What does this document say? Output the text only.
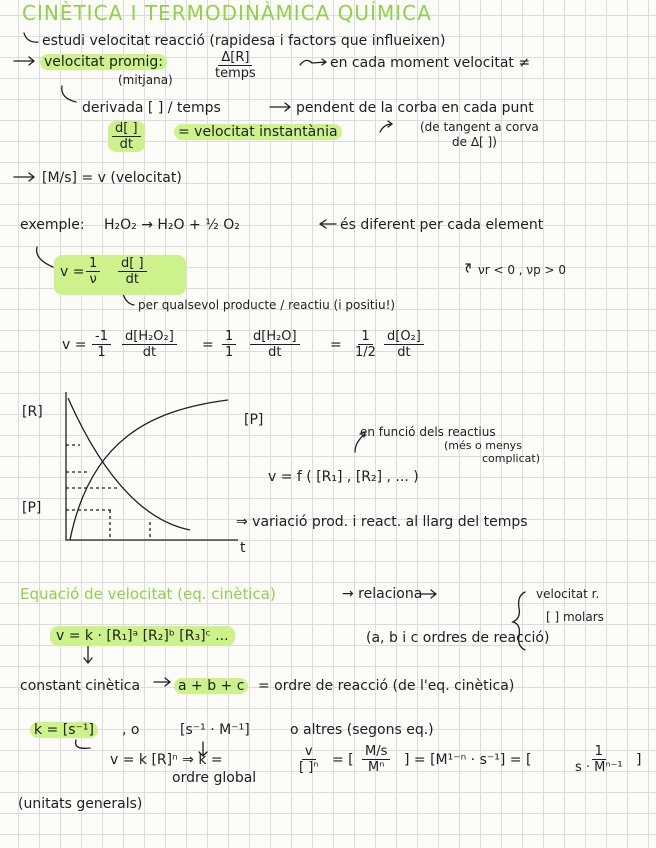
CINÈTICA I TERMODINÀMICA QUÍMICA
estudi velocitat reacció (rapidesa i factors que influeixen)
velocitat promig:
(mitjana)
Δ[R]
temps
en cada moment velocitat ≠
derivada [ ] / temps	pendent de la corba en cada punt
$\frac{d[ ]}{dt}$ = velocitat instantània	(de tangent a corva
de Δ[ ])
[M/s] = v (velocitat)
exemple: H₂O₂ → H₂O + ½ O₂	és diferent per cada element
$v = \frac{1}{\nu} \frac{d[ ]}{dt}$	νr < 0 , νp > 0
per qualsevol producte / reactiu (i positiu!)
$v = \frac{-1}{1} \frac{\text{d[H₂O₂]}}{dt} = \frac{1}{1} \frac{\text{d[H₂O]}}{dt} = \frac{1}{1/2} \frac{\text{d[O₂]}}{dt}$
[R]
[P]
t
[P]
en funció dels reactius
(més o menys
complicat)
v = f ( [R₁] , [R₂] , ... )
⇒ variació prod. i react. al llarg del temps
Equació de velocitat (eq. cinètica)	→ relaciona	velocitat r.
[ ] molars
v = k · [R₁]ᵃ [R₂]ᵇ [R₃]ᶜ ...	(a, b i c ordres de reacció)
constant cinètica	a + b + c = ordre de reacció (de l'eq. cinètica)
k = [s⁻¹] , o	[s⁻¹ · M⁻¹]	o altres (segons eq.)
v = k [R]ⁿ ⇒ k =	$\frac{v}{\text{[ ]ⁿ}}$ = [ $\frac{M/s}{\text{Mⁿ}}$ ] = [M¹⁻ⁿ · s⁻¹] = [	$\frac{1}{\text{s · Mⁿ⁻¹}}$ ]
ordre global
(unitats generals)
